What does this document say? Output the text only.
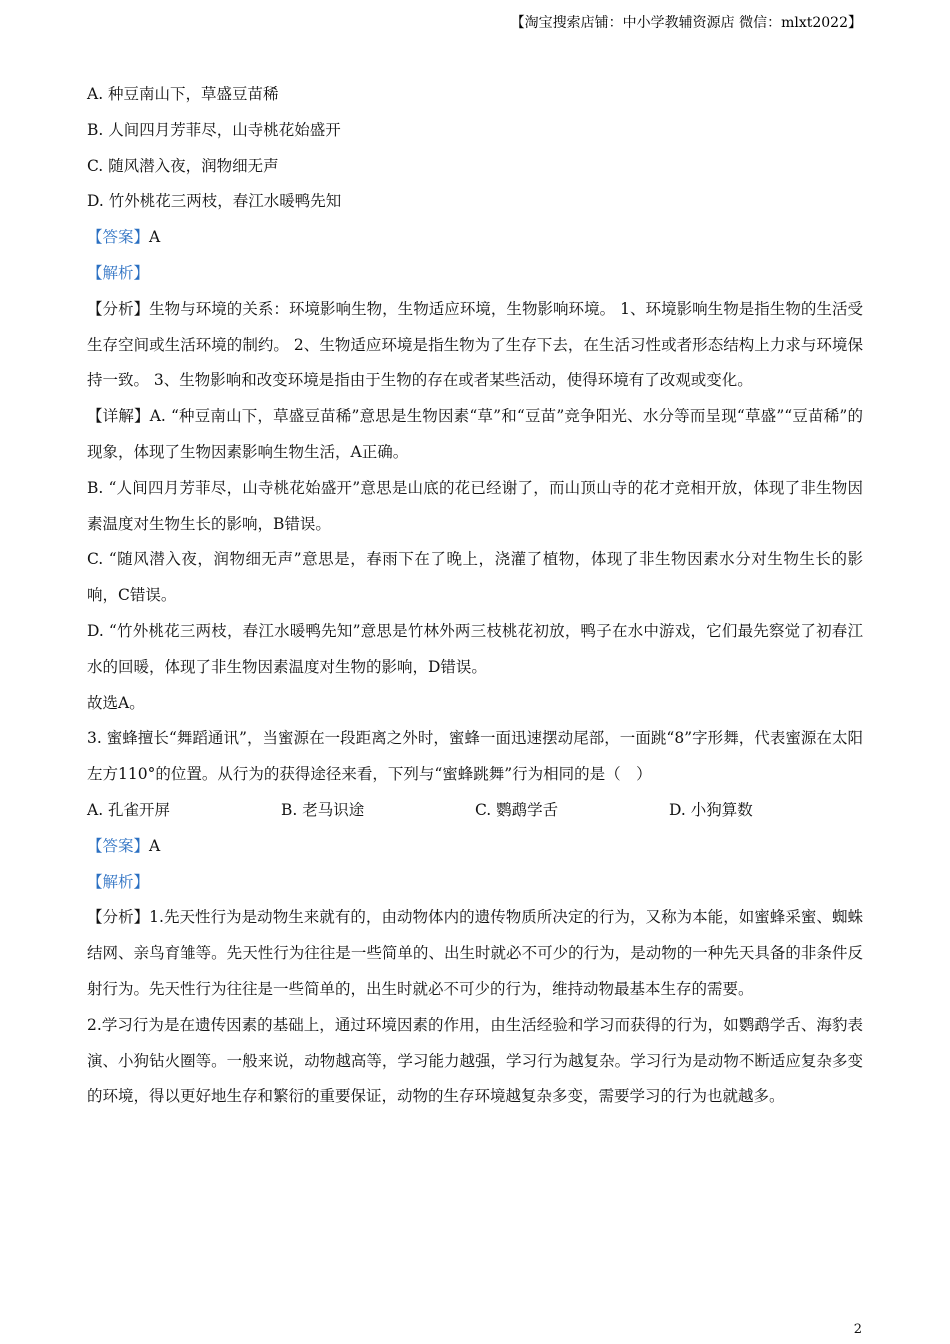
【淘宝搜索店铺：中小学教辅资源店 微信：mlxt2022】
A. 种豆南山下，草盛豆苗稀
B. 人间四月芳菲尽，山寺桃花始盛开
C. 随风潜入夜，润物细无声
D. 竹外桃花三两枝，春江水暖鸭先知
【答案】A
【解析】
【分析】生物与环境的关系：环境影响生物，生物适应环境，生物影响环境。 1、环境影响生物是指生物的生活受生存空间或生活环境的制约。 2、生物适应环境是指生物为了生存下去，在生活习性或者形态结构上力求与环境保持一致。 3、生物影响和改变环境是指由于生物的存在或者某些活动，使得环境有了改观或变化。
【详解】A. “种豆南山下，草盛豆苗稀”意思是生物因素“草”和“豆苗”竞争阳光、水分等而呈现“草盛”“豆苗稀”的现象，体现了生物因素影响生物生活，A正确。
B. “人间四月芳菲尽，山寺桃花始盛开”意思是山底的花已经谢了，而山顶山寺的花才竞相开放，体现了非生物因素温度对生物生长的影响，B错误。
C. “随风潜入夜，润物细无声”意思是，春雨下在了晚上，浇灌了植物，体现了非生物因素水分对生物生长的影响，C错误。
D. “竹外桃花三两枝，春江水暖鸭先知”意思是竹林外两三枝桃花初放，鸭子在水中游戏，它们最先察觉了初春江水的回暖，体现了非生物因素温度对生物的影响，D错误。
故选A。
3. 蜜蜂擅长“舞蹈通讯”，当蜜源在一段距离之外时，蜜蜂一面迅速摆动尾部，一面跳“8”字形舞，代表蜜源在太阳左方110°的位置。从行为的获得途径来看，下列与“蜜蜂跳舞”行为相同的是（　）
A. 孔雀开屏	B. 老马识途	C. 鹦鹉学舌	D. 小狗算数
【答案】A
【解析】
【分析】1.先天性行为是动物生来就有的，由动物体内的遗传物质所决定的行为，又称为本能，如蜜蜂采蜜、蜘蛛结网、亲鸟育雏等。先天性行为往往是一些简单的、出生时就必不可少的行为，是动物的一种先天具备的非条件反射行为。先天性行为往往是一些简单的，出生时就必不可少的行为，维持动物最基本生存的需要。
2.学习行为是在遗传因素的基础上，通过环境因素的作用，由生活经验和学习而获得的行为，如鹦鹉学舌、海豹表演、小狗钻火圈等。一般来说，动物越高等，学习能力越强，学习行为越复杂。学习行为是动物不断适应复杂多变的环境，得以更好地生存和繁衍的重要保证，动物的生存环境越复杂多变，需要学习的行为也就越多。
2
